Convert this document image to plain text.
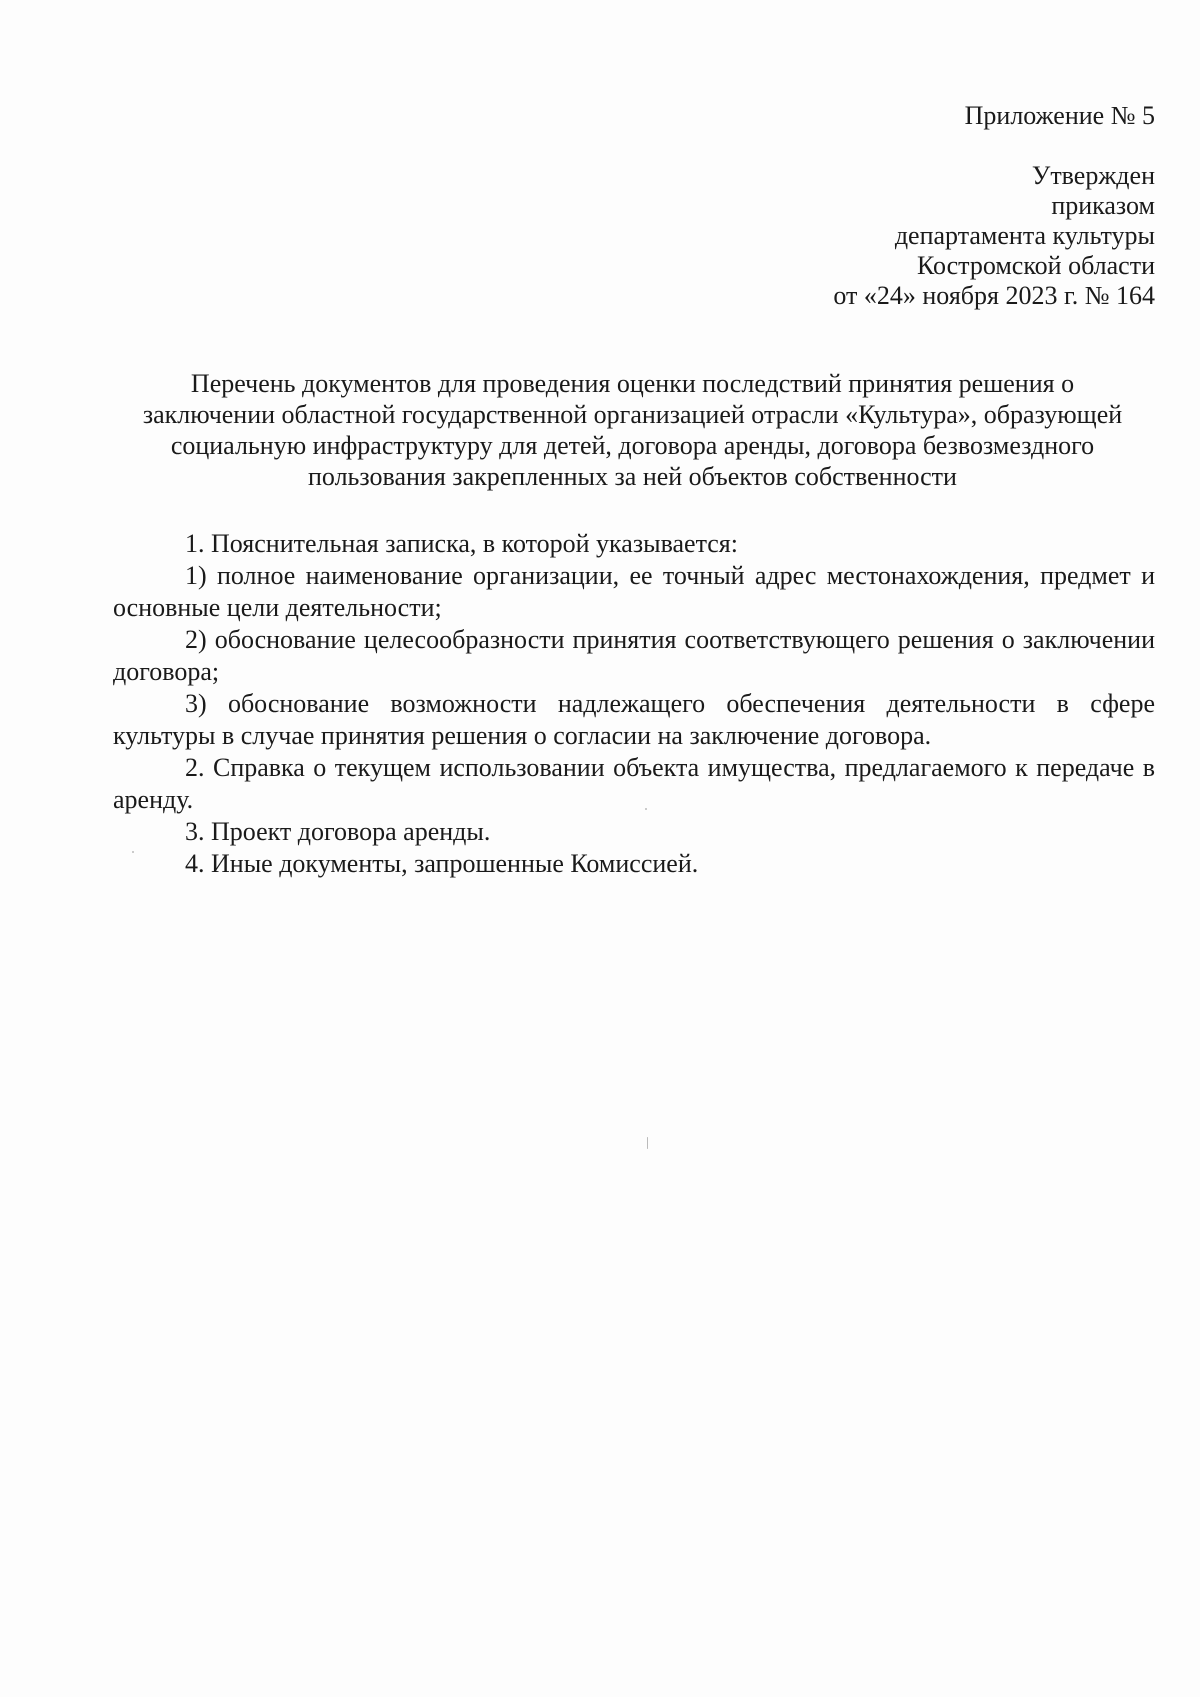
Приложение № 5
Утвержден
приказом
департамента культуры
Костромской области
от «24» ноября 2023 г. № 164
Перечень документов для проведения оценки последствий принятия решения о заключении областной государственной организацией отрасли «Культура», образующей социальную инфраструктуру для детей, договора аренды, договора безвозмездного пользования закрепленных за ней объектов собственности

1. Пояснительная записка, в которой указывается:

1) полное наименование организации, ее точный адрес местонахождения, предмет и основные цели деятельности;

2) обоснование целесообразности принятия соответствующего решения о заключении договора;

3) обоснование возможности надлежащего обеспечения деятельности в сфере культуры в случае принятия решения о согласии на заключение договора.

2. Справка о текущем использовании объекта имущества, предлагаемого к передаче в аренду.

3. Проект договора аренды.

4. Иные документы, запрошенные Комиссией.
